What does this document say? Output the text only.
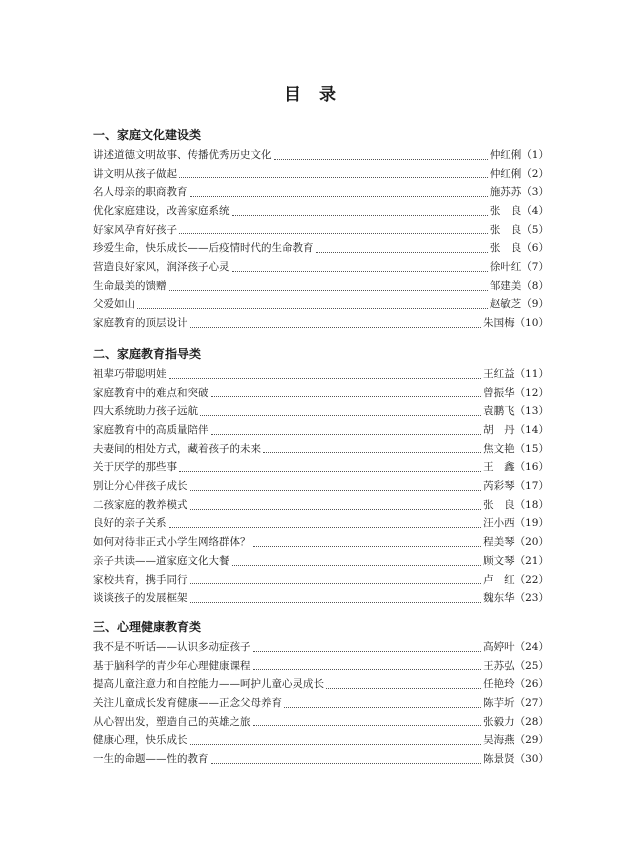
目 录
一、家庭文化建设类
讲述道德文明故事、传播优秀历史文化	仲红俐 （1）
讲文明从孩子做起	仲红俐 （2）
名人母亲的职商教育	施苏苏 （3）
优化家庭建设，改善家庭系统	张　良 （4）
好家风孕育好孩子	张　良 （5）
珍爱生命，快乐成长——后疫情时代的生命教育	张　良 （6）
营造良好家风，润泽孩子心灵	徐叶红 （7）
生命最美的馈赠	邹建美 （8）
父爱如山	赵敏芝 （9）
家庭教育的顶层设计	朱国梅 （10）
二、家庭教育指导类
祖辈巧带聪明娃	王红益 （11）
家庭教育中的难点和突破	曾振华 （12）
四大系统助力孩子远航	袁鹏飞 （13）
家庭教育中的高质量陪伴	胡　丹 （14）
夫妻间的相处方式，藏着孩子的未来	焦文艳 （15）
关于厌学的那些事	王　鑫 （16）
别让分心伴孩子成长	芮彩琴 （17）
二孩家庭的教养模式	张　良 （18）
良好的亲子关系	汪小西 （19）
如何对待非正式小学生网络群体？	程美琴 （20）
亲子共读——道家庭文化大餐	顾文琴 （21）
家校共育，携手同行	卢　红 （22）
谈谈孩子的发展框架	魏东华 （23）
三、心理健康教育类
我不是不听话——认识多动症孩子	高婷叶 （24）
基于脑科学的青少年心理健康课程	王苏弘 （25）
提高儿童注意力和自控能力——呵护儿童心灵成长	任艳玲 （26）
关注儿童成长发育健康——正念父母养育	陈芋圻 （27）
从心智出发，塑造自己的英雄之旅	张毅力 （28）
健康心理，快乐成长	吴海燕 （29）
一生的命题——性的教育	陈景贤 （30）
